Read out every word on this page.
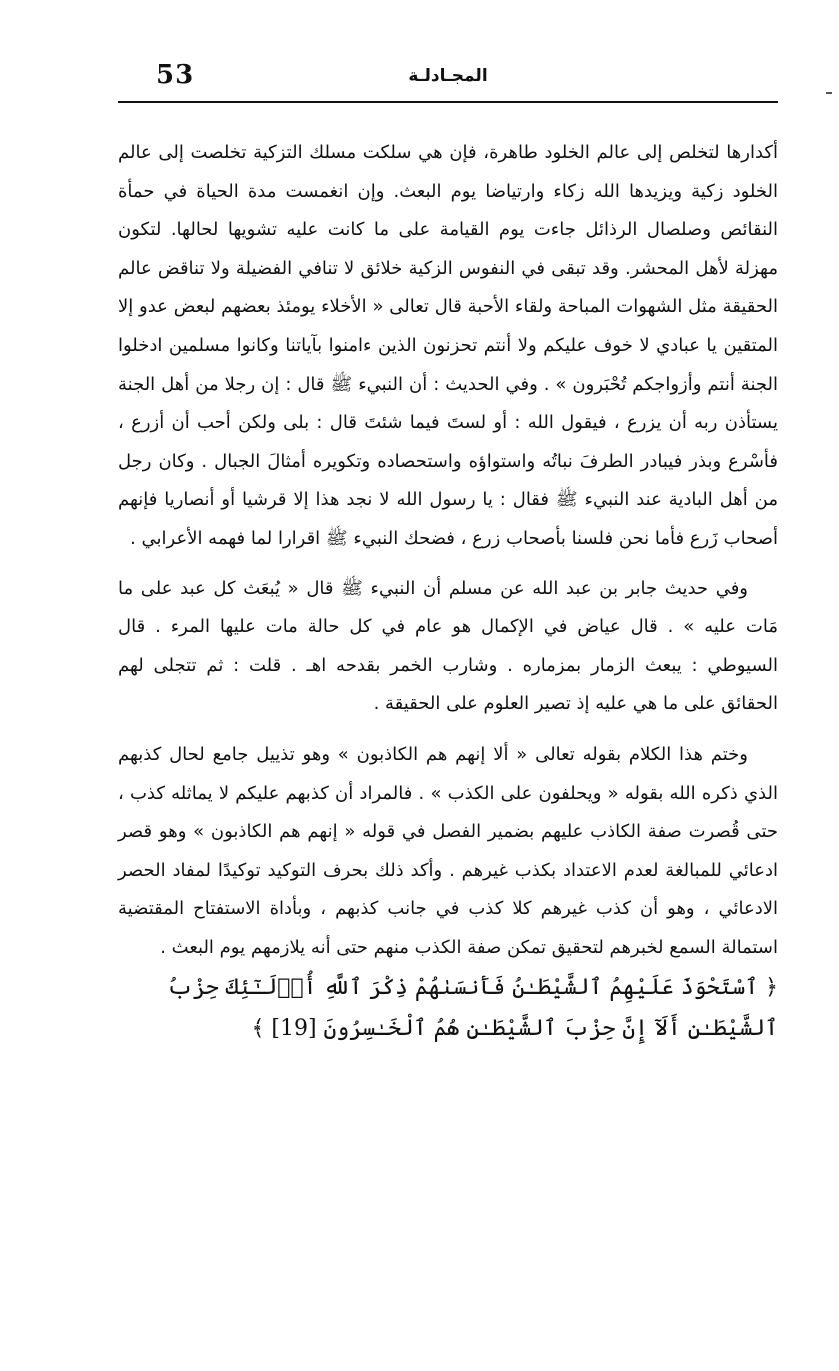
المجـادلـة
53

أكدارها لتخلص إلى عالم الخلود طاهرة، فإن هي سلكت مسلك التزكية تخلصت إلى عالم الخلود زكية ويزيدها الله زكاء وارتياضا يوم البعث. وإن انغمست مدة الحياة في حمأة النقائص وصلصال الرذائل جاءت يوم القيامة على ما كانت عليه تشويها لحالها. لتكون مهزلة لأهل المحشر. وقد تبقى في النفوس الزكية خلائق لا تنافي الفضيلة ولا تناقض عالم الحقيقة مثل الشهوات المباحة ولقاء الأحبة قال تعالى « الأخلاء يومئذ بعضهم لبعض عدو إلا المتقين يا عبادي لا خوف عليكم ولا أنتم تحزنون الذين ءامنوا بآياتنا وكانوا مسلمين ادخلوا الجنة أنتم وأزواجكم تُحْبَرون » . وفي الحديث : أن النبيء ﷺ قال : إن رجلا من أهل الجنة يستأذن ربه أن يزرع ، فيقول الله : أو لستَ فيما شئتَ قال : بلى ولكن أحب أن أزرع ، فأسْرع وبذر فيبادر الطرفَ نباتُه واستواؤه واستحصاده وتكويره أمثالَ الجبال . وكان رجل من أهل البادية عند النبيء ﷺ فقال : يا رسول الله لا نجد هذا إلا قرشيا أو أنصاريا فإنهم أصحاب زَرع فأما نحن فلسنا بأصحاب زرع ، فضحك النبيء ﷺ اقرارا لما فهمه الأعرابي .

وفي حديث جابر بن عبد الله عن مسلم أن النبيء ﷺ قال « يُبعَث كل عبد على ما مَات عليه » . قال عياض في الإكمال هو عام في كل حالة مات عليها المرء . قال السيوطي : يبعث الزمار بمزماره . وشارب الخمر بقدحه اهـ . قلت : ثم تتجلى لهم الحقائق على ما هي عليه إذ تصير العلوم على الحقيقة .

وختم هذا الكلام بقوله تعالى « ألا إنهم هم الكاذبون » وهو تذييل جامع لحال كذبهم الذي ذكره الله بقوله « ويحلفون على الكذب » . فالمراد أن كذبهم عليكم لا يماثله كذب ، حتى قُصرت صفة الكاذب عليهم بضمير الفصل في قوله « إنهم هم الكاذبون » وهو قصر ادعائي للمبالغة لعدم الاعتداد بكذب غيرهم . وأكد ذلك بحرف التوكيد توكيدًا لمفاد الحصر الادعائي ، وهو أن كذب غيرهم كلا كذب في جانب كذبهم ، وبأداة الاستفتاح المقتضية استمالة السمع لخبرهم لتحقيق تمكن صفة الكذب منهم حتى أنه يلازمهم يوم البعث .

﴿ ٱسْتَحْوَذَ عَلَيْهِمُ ٱلشَّيْطَـٰنُ فَأَنسَىٰهُمْ ذِكْرَ ٱللَّهِ أُو۟لَـٰٓئِكَ حِزْبُ ٱلشَّيْطَـٰنِ أَلَآ إِنَّ حِزْبَ ٱلشَّيْطَـٰنِ هُمُ ٱلْخَـٰسِرُونَ [19] ﴾
